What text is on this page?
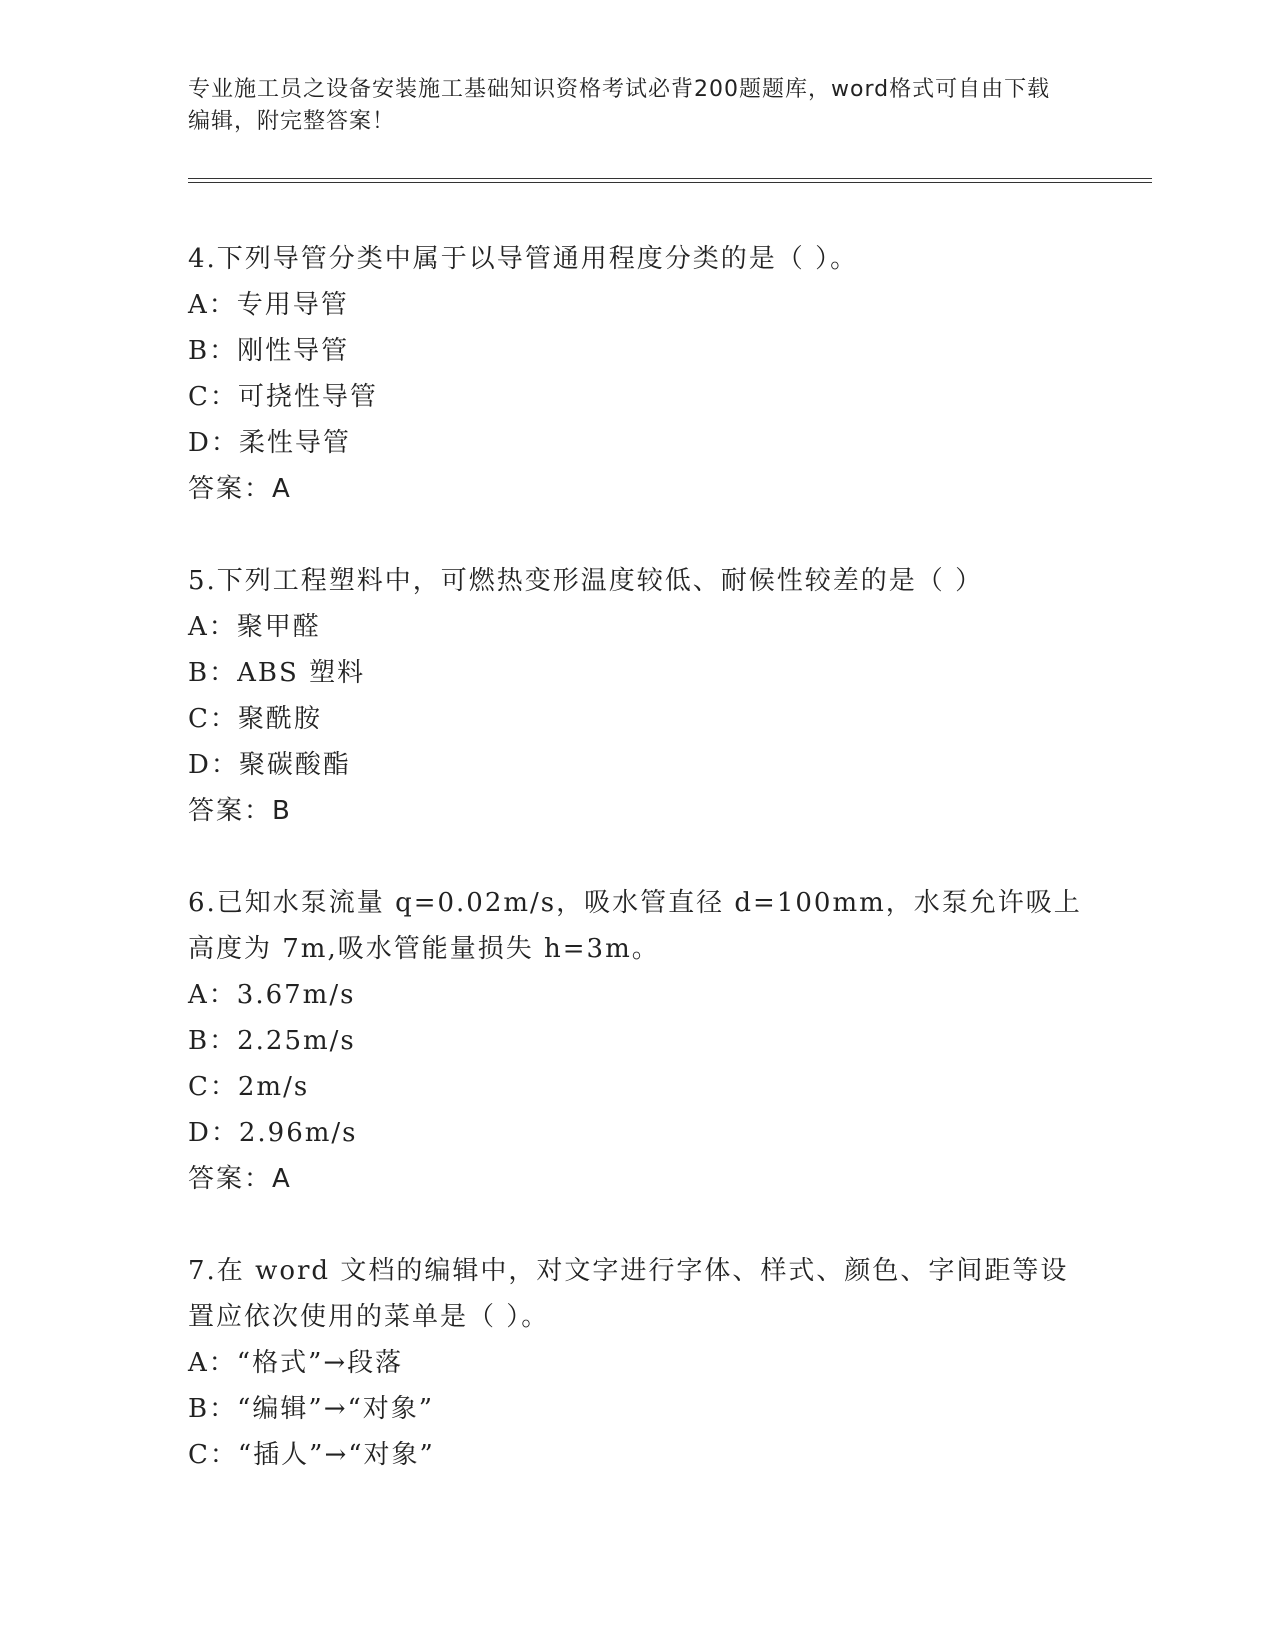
专业施工员之设备安装施工基础知识资格考试必背200题题库，word格式可自由下载编辑，附完整答案！

4.下列导管分类中属于以导管通用程度分类的是（ ）。

A：专用导管

B：刚性导管

C：可挠性导管

D：柔性导管

答案：A

5.下列工程塑料中，可燃热变形温度较低、耐候性较差的是（ ）

A：聚甲醛

B：ABS 塑料

C：聚酰胺

D：聚碳酸酯

答案：B

6.已知水泵流量 q=0.02m/s，吸水管直径 d=100mm，水泵允许吸上高度为 7m,吸水管能量损失 h=3m。

A：3.67m/s

B：2.25m/s

C：2m/s

D：2.96m/s

答案：A

7.在 word 文档的编辑中，对文字进行字体、样式、颜色、字间距等设置应依次使用的菜单是（ ）。

A：“格式”→段落

B：“编辑”→“对象”

C：“插人”→“对象”
